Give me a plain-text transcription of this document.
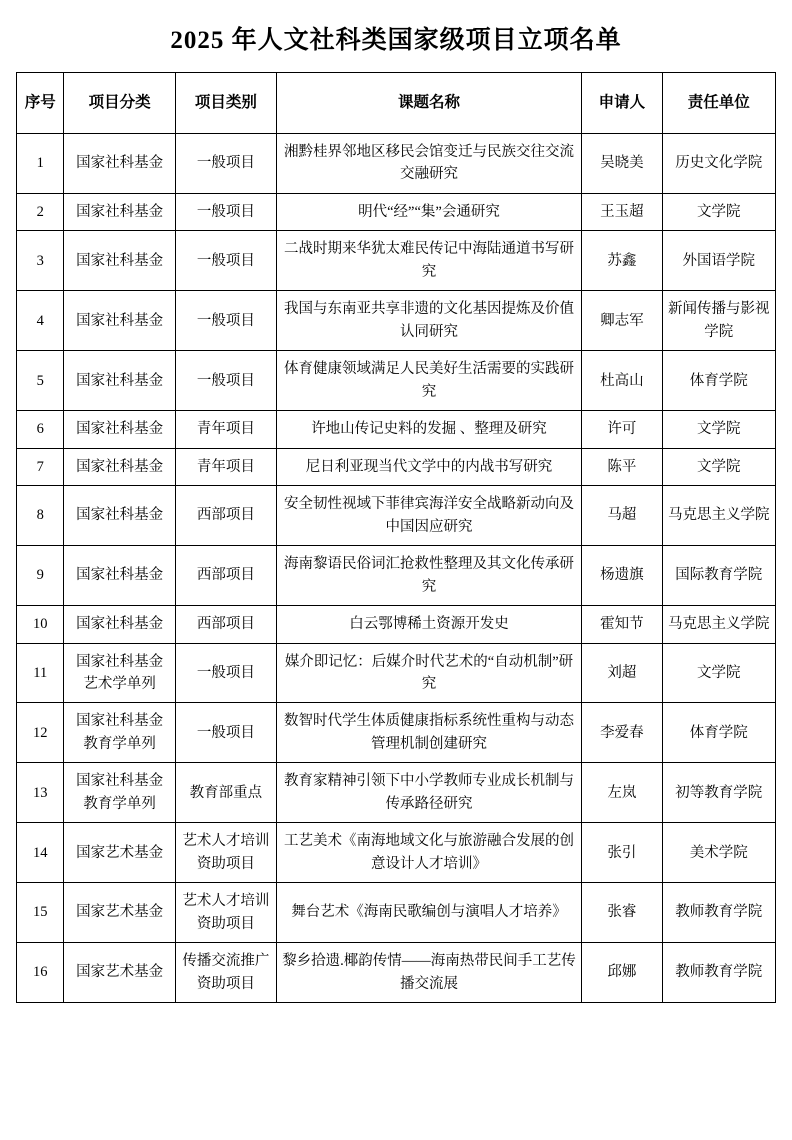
2025 年人文社科类国家级项目立项名单
序号	项目分类	项目类别	课题名称	申请人	责任单位
1	国家社科基金	一般项目	湘黔桂界邻地区移民会馆变迁与民族交往交流交融研究	吴晓美	历史文化学院
2	国家社科基金	一般项目	明代“经”“集”会通研究	王玉超	文学院
3	国家社科基金	一般项目	二战时期来华犹太难民传记中海陆通道书写研究	苏鑫	外国语学院
4	国家社科基金	一般项目	我国与东南亚共享非遗的文化基因提炼及价值认同研究	卿志军	新闻传播与影视学院
5	国家社科基金	一般项目	体育健康领域满足人民美好生活需要的实践研究	杜高山	体育学院
6	国家社科基金	青年项目	许地山传记史料的发掘 、整理及研究	许可	文学院
7	国家社科基金	青年项目	尼日利亚现当代文学中的内战书写研究	陈平	文学院
8	国家社科基金	西部项目	安全韧性视域下菲律宾海洋安全战略新动向及中国因应研究	马超	马克思主义学院
9	国家社科基金	西部项目	海南黎语民俗词汇抢救性整理及其文化传承研究	杨遗旗	国际教育学院
10	国家社科基金	西部项目	白云鄂博稀土资源开发史	霍知节	马克思主义学院
11	国家社科基金艺术学单列	一般项目	媒介即记忆：后媒介时代艺术的“自动机制”研究	刘超	文学院
12	国家社科基金教育学单列	一般项目	数智时代学生体质健康指标系统性重构与动态管理机制创建研究	李爱春	体育学院
13	国家社科基金教育学单列	教育部重点	教育家精神引领下中小学教师专业成长机制与传承路径研究	左岚	初等教育学院
14	国家艺术基金	艺术人才培训资助项目	工艺美术《南海地域文化与旅游融合发展的创意设计人才培训》	张引	美术学院
15	国家艺术基金	艺术人才培训资助项目	舞台艺术《海南民歌编创与演唱人才培养》	张睿	教师教育学院
16	国家艺术基金	传播交流推广资助项目	黎乡拾遗.椰韵传情——海南热带民间手工艺传播交流展	邱娜	教师教育学院
